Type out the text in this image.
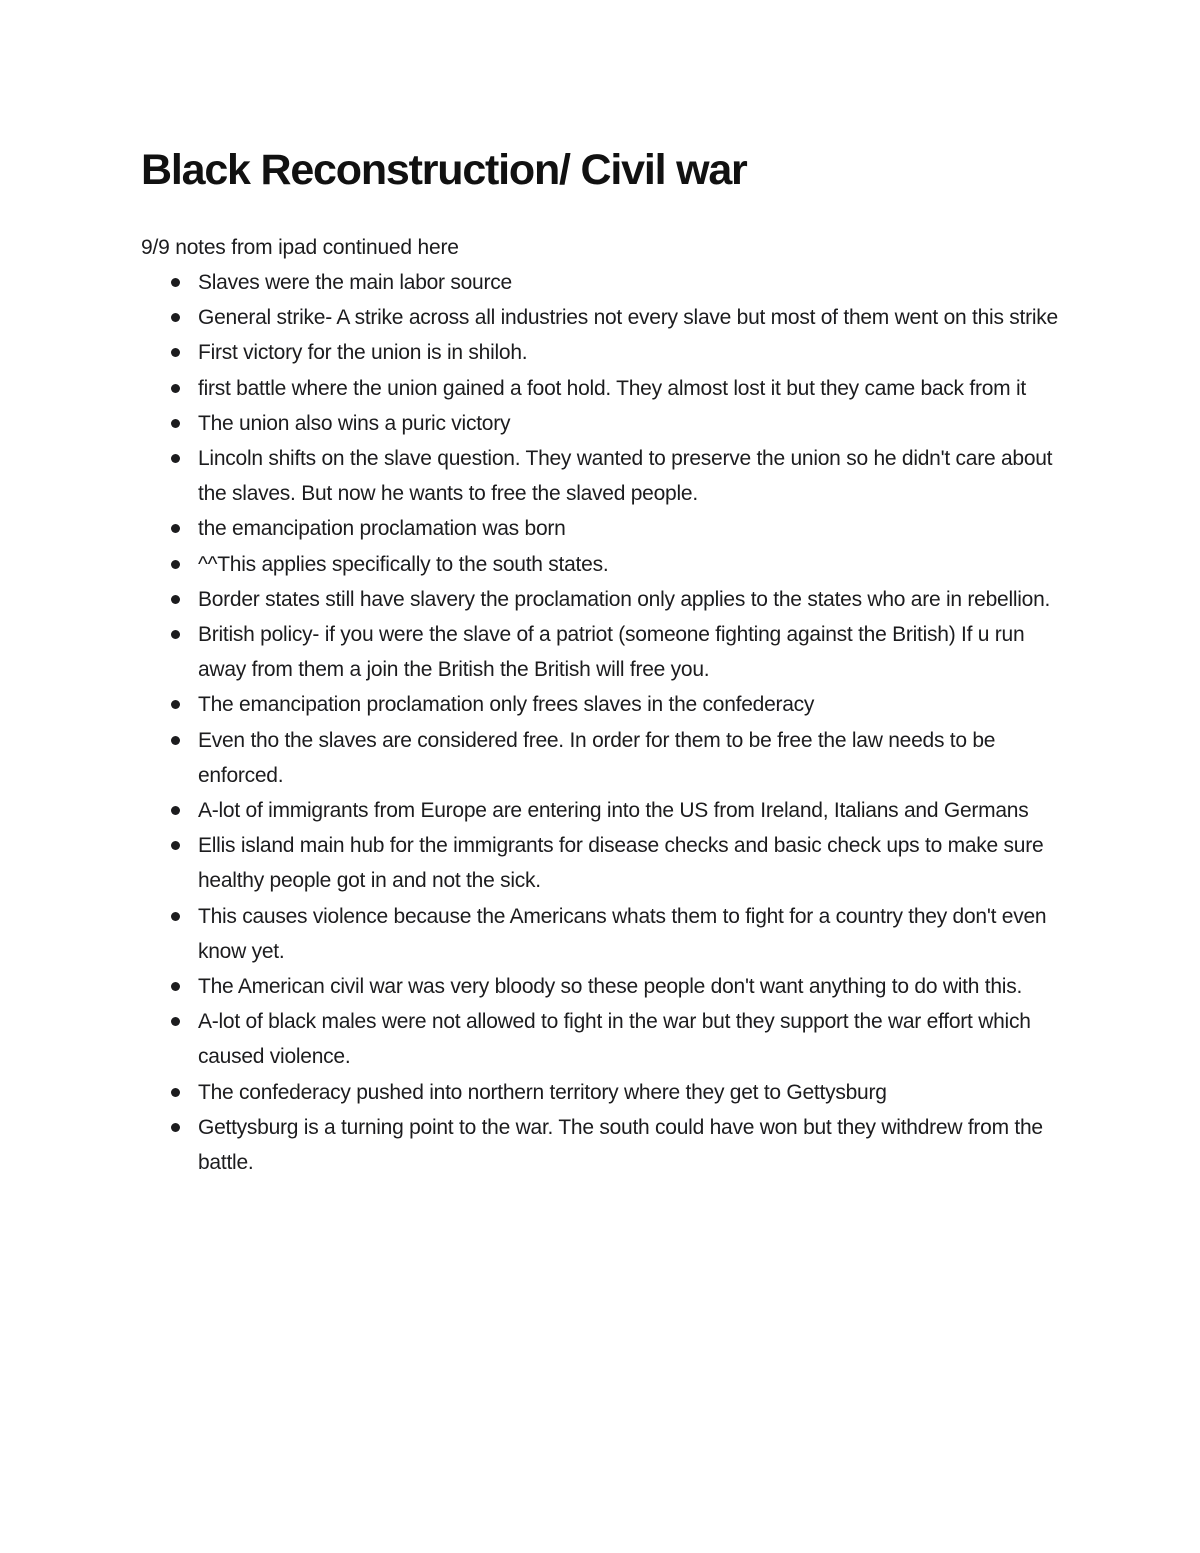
Black Reconstruction/ Civil war
9/9 notes from ipad continued here
Slaves were the main labor source
General strike- A strike across all industries not every slave but most of them went on this strike
First victory for the union is in shiloh.
first battle where the union gained a foot hold. They almost lost it but they came back from it
The union also wins a puric victory
Lincoln shifts on the slave question. They wanted to preserve the union so he didn't care about the slaves. But now he wants to free the slaved people.
the emancipation proclamation was born
^^This applies specifically to the south states.
Border states still have slavery the proclamation only applies to the states who are in rebellion.
British policy- if you were the slave of a patriot (someone fighting against the British) If u run away from them a join the British the British will free you.
The emancipation proclamation only frees slaves in the confederacy
Even tho the slaves are considered free. In order for them to be free the law needs to be enforced.
A-lot of immigrants from Europe are entering into the US from Ireland, Italians and Germans
Ellis island main hub for the immigrants for disease checks and basic check ups to make sure healthy people got in and not the sick.
This causes violence because the Americans whats them to fight for a country they don't even know yet.
The American civil war was very bloody so these people don't want anything to do with this.
A-lot of black males were not allowed to fight in the war but they support the war effort which caused violence.
The confederacy pushed into northern territory where they get to Gettysburg
Gettysburg is a turning point to the war. The south could have won but they withdrew from the battle.
